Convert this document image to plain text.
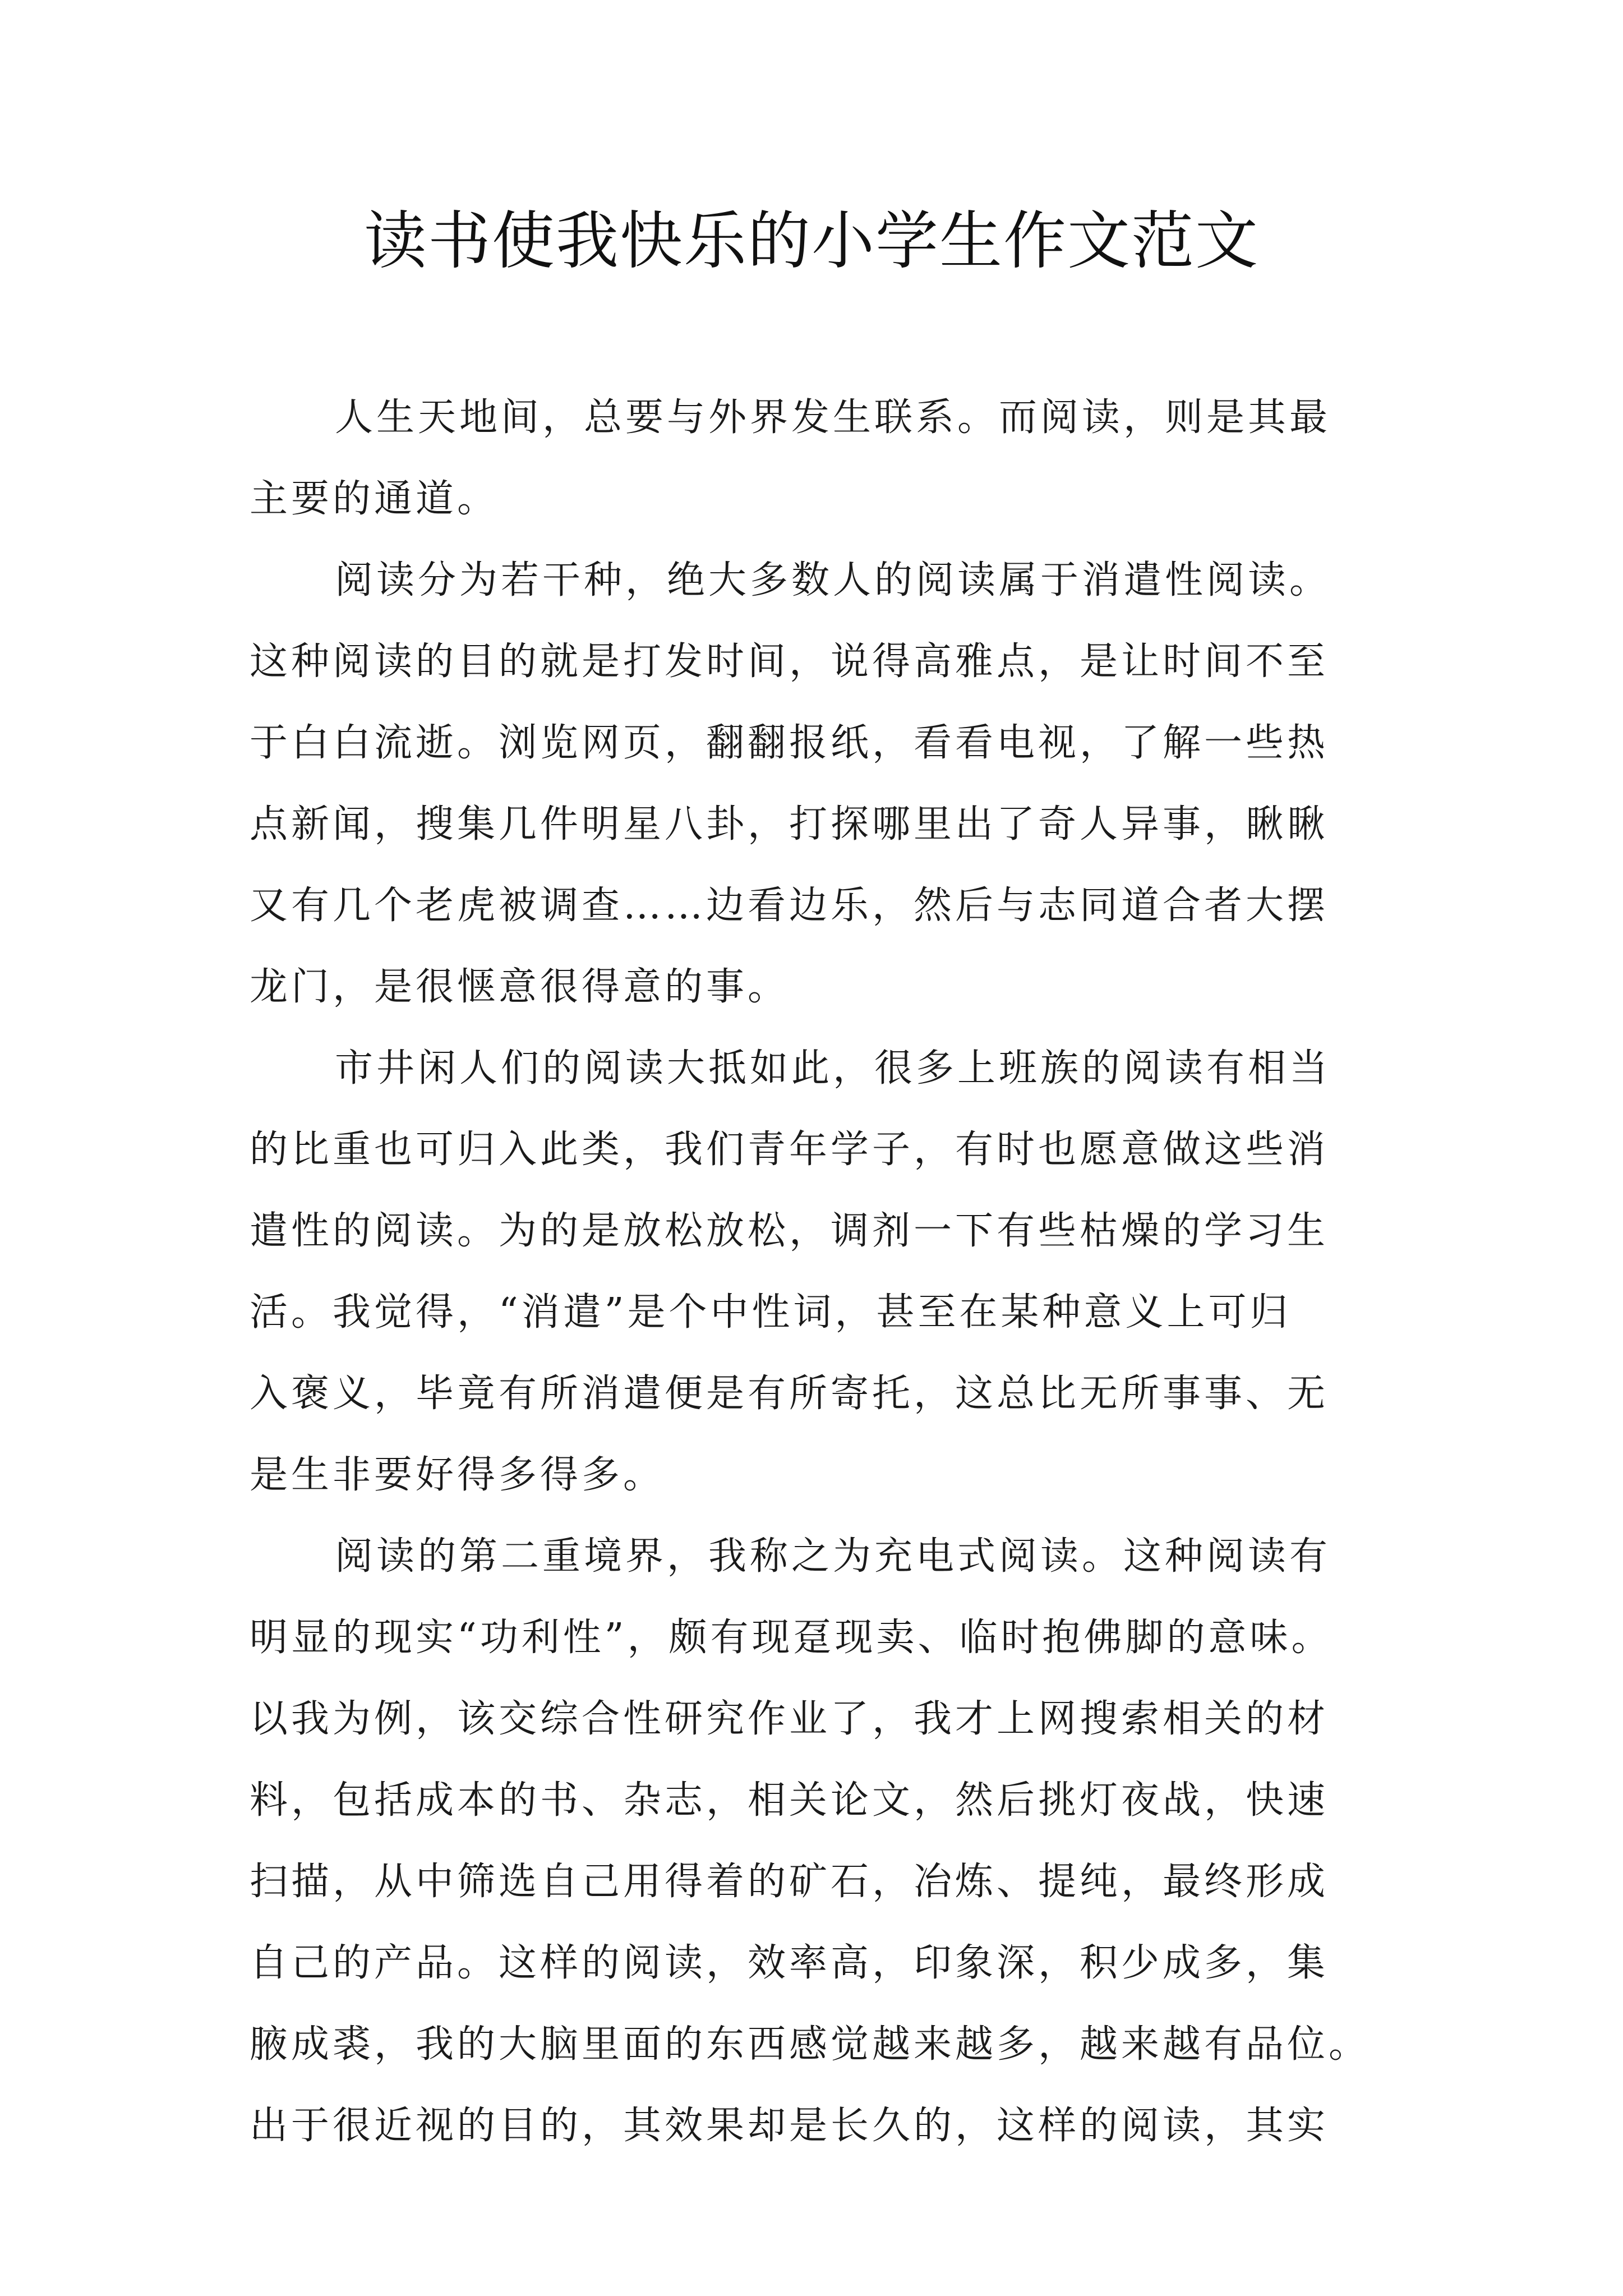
读书使我快乐的小学生作文范文
人生天地间，总要与外界发生联系。而阅读，则是其最
主要的通道。
阅读分为若干种，绝大多数人的阅读属于消遣性阅读。
这种阅读的目的就是打发时间，说得高雅点，是让时间不至
于白白流逝。浏览网页，翻翻报纸，看看电视，了解一些热
点新闻，搜集几件明星八卦，打探哪里出了奇人异事，瞅瞅
又有几个老虎被调查……边看边乐，然后与志同道合者大摆
龙门，是很惬意很得意的事。
市井闲人们的阅读大抵如此，很多上班族的阅读有相当
的比重也可归入此类，我们青年学子，有时也愿意做这些消
遣性的阅读。为的是放松放松，调剂一下有些枯燥的学习生
活。我觉得，“消遣”是个中性词，甚至在某种意义上可归
入褒义，毕竟有所消遣便是有所寄托，这总比无所事事、无
是生非要好得多得多。
阅读的第二重境界，我称之为充电式阅读。这种阅读有
明显的现实“功利性”，颇有现趸现卖、临时抱佛脚的意味。
以我为例，该交综合性研究作业了，我才上网搜索相关的材
料，包括成本的书、杂志，相关论文，然后挑灯夜战，快速
扫描，从中筛选自己用得着的矿石，冶炼、提纯，最终形成
自己的产品。这样的阅读，效率高，印象深，积少成多，集
腋成裘，我的大脑里面的东西感觉越来越多，越来越有品位。
出于很近视的目的，其效果却是长久的，这样的阅读，其实
